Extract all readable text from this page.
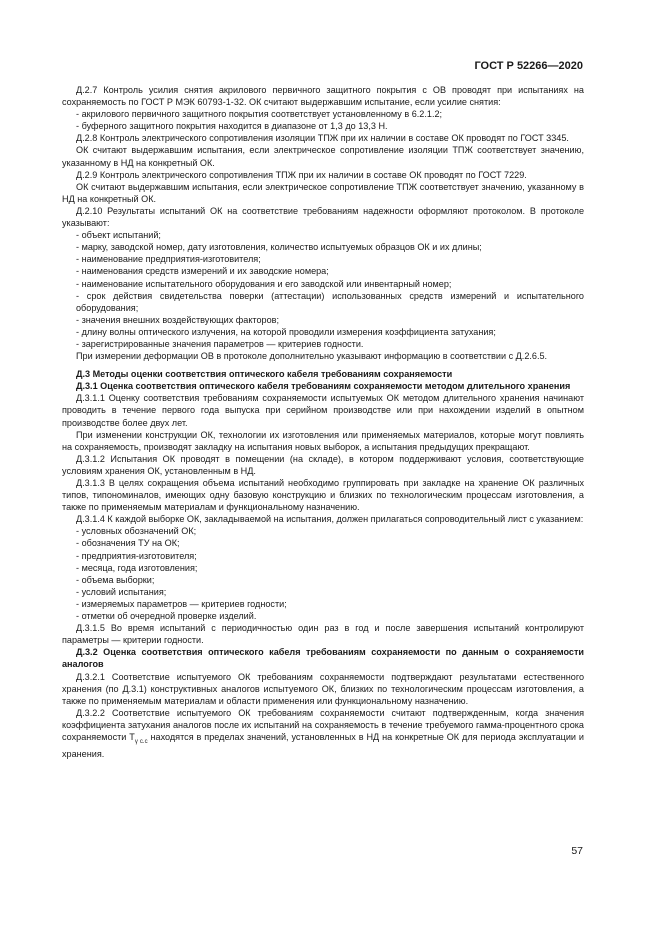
ГОСТ Р 52266—2020

Д.2.7 Контроль усилия снятия акрилового первичного защитного покрытия с ОВ проводят при испытаниях на сохраняемость по ГОСТ Р МЭК 60793-1-32. ОК считают выдержавшим испытание, если усилие снятия:

- акрилового первичного защитного покрытия соответствует установленному в 6.2.1.2;

- буферного защитного покрытия находится в диапазоне от 1,3 до 13,3 Н.

Д.2.8 Контроль электрического сопротивления изоляции ТПЖ при их наличии в составе ОК проводят по ГОСТ 3345.

ОК считают выдержавшим испытания, если электрическое сопротивление изоляции ТПЖ соответствует значению, указанному в НД на конкретный ОК.

Д.2.9 Контроль электрического сопротивления ТПЖ при их наличии в составе ОК проводят по ГОСТ 7229.

ОК считают выдержавшим испытания, если электрическое сопротивление ТПЖ соответствует значению, указанному в НД на конкретный ОК.

Д.2.10 Результаты испытаний ОК на соответствие требованиям надежности оформляют протоколом. В протоколе указывают:

- объект испытаний;

- марку, заводской номер, дату изготовления, количество испытуемых образцов ОК и их длины;

- наименование предприятия-изготовителя;

- наименования средств измерений и их заводские номера;

- наименование испытательного оборудования и его заводской или инвентарный номер;

- срок действия свидетельства поверки (аттестации) использованных средств измерений и испытательного оборудования;

- значения внешних воздействующих факторов;

- длину волны оптического излучения, на которой проводили измерения коэффициента затухания;

- зарегистрированные значения параметров — критериев годности.

При измерении деформации ОВ в протоколе дополнительно указывают информацию в соответствии с Д.2.6.5.

Д.3 Методы оценки соответствия оптического кабеля требованиям сохраняемости

Д.3.1 Оценка соответствия оптического кабеля требованиям сохраняемости методом длительного хранения

Д.3.1.1 Оценку соответствия требованиям сохраняемости испытуемых ОК методом длительного хранения начинают проводить в течение первого года выпуска при серийном производстве или при нахождении изделий в опытном производстве более двух лет.

При изменении конструкции ОК, технологии их изготовления или применяемых материалов, которые могут повлиять на сохраняемость, производят закладку на испытания новых выборок, а испытания предыдущих прекращают.

Д.3.1.2 Испытания ОК проводят в помещении (на складе), в котором поддерживают условия, соответствующие условиям хранения ОК, установленным в НД.

Д.3.1.3 В целях сокращения объема испытаний необходимо группировать при закладке на хранение ОК различных типов, типономиналов, имеющих одну базовую конструкцию и близких по технологическим процессам изготовления, а также по применяемым материалам и функциональному назначению.

Д.3.1.4 К каждой выборке ОК, закладываемой на испытания, должен прилагаться сопроводительный лист с указанием:

- условных обозначений ОК;

- обозначения ТУ на ОК;

- предприятия-изготовителя;

- месяца, года изготовления;

- объема выборки;

- условий испытания;

- измеряемых параметров — критериев годности;

- отметки об очередной проверке изделий.

Д.3.1.5 Во время испытаний с периодичностью один раз в год и после завершения испытаний контролируют параметры — критерии годности.

Д.3.2 Оценка соответствия оптического кабеля требованиям сохраняемости по данным о сохраняемости аналогов

Д.3.2.1 Соответствие испытуемого ОК требованиям сохраняемости подтверждают результатами естественного хранения (по Д.3.1) конструктивных аналогов испытуемого ОК, близких по технологическим процессам изготовления, а также по применяемым материалам и области применения или функциональному назначению.

Д.3.2.2 Соответствие испытуемого ОК требованиям сохраняемости считают подтвержденным, когда значения коэффициента затухания аналогов после их испытаний на сохраняемость в течение требуемого гамма-процентного срока сохраняемости $Т_{\gamma с.с}$ находятся в пределах значений, установленных в НД на конкретные ОК для периода эксплуатации и хранения.

57
